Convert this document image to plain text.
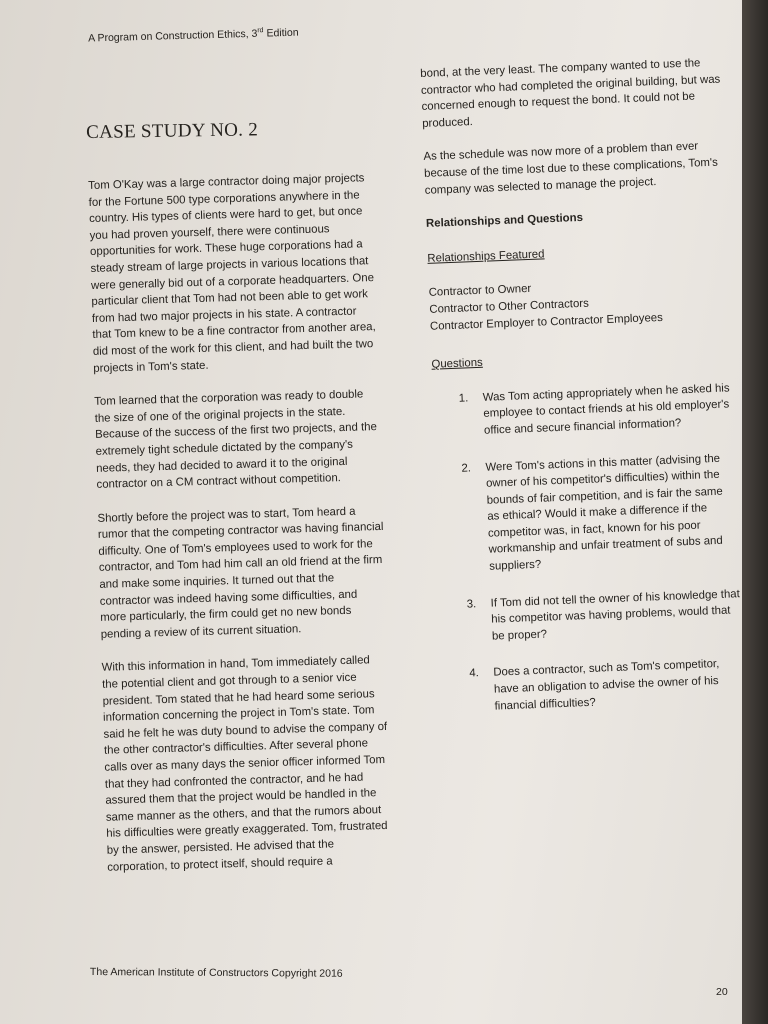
A Program on Construction Ethics, 3rd Edition
CASE STUDY NO. 2

Tom O'Kay was a large contractor doing major projects for the Fortune 500 type corporations anywhere in the country. His types of clients were hard to get, but once you had proven yourself, there were continuous opportunities for work. These huge corporations had a steady stream of large projects in various locations that were generally bid out of a corporate headquarters. One particular client that Tom had not been able to get work from had two major projects in his state. A contractor that Tom knew to be a fine contractor from another area, did most of the work for this client, and had built the two projects in Tom's state.

Tom learned that the corporation was ready to double the size of one of the original projects in the state. Because of the success of the first two projects, and the extremely tight schedule dictated by the company's needs, they had decided to award it to the original contractor on a CM contract without competition.

Shortly before the project was to start, Tom heard a rumor that the competing contractor was having financial difficulty. One of Tom's employees used to work for the contractor, and Tom had him call an old friend at the firm and make some inquiries. It turned out that the contractor was indeed having some difficulties, and more particularly, the firm could get no new bonds pending a review of its current situation.

With this information in hand, Tom immediately called the potential client and got through to a senior vice president. Tom stated that he had heard some serious information concerning the project in Tom's state. Tom said he felt he was duty bound to advise the company of the other contractor's difficulties. After several phone calls over as many days the senior officer informed Tom that they had confronted the contractor, and he had assured them that the project would be handled in the same manner as the others, and that the rumors about his difficulties were greatly exaggerated. Tom, frustrated by the answer, persisted. He advised that the corporation, to protect itself, should require a

bond, at the very least. The company wanted to use the contractor who had completed the original building, but was concerned enough to request the bond. It could not be produced.

As the schedule was now more of a problem than ever because of the time lost due to these complications, Tom's company was selected to manage the project.

Relationships and Questions
Relationships Featured
Contractor to Owner
Contractor to Other Contractors
Contractor Employer to Contractor Employees
Questions
1. Was Tom acting appropriately when he asked his employee to contact friends at his old employer's office and secure financial information?
2. Were Tom's actions in this matter (advising the owner of his competitor's difficulties) within the bounds of fair competition, and is fair the same as ethical? Would it make a difference if the competitor was, in fact, known for his poor workmanship and unfair treatment of subs and suppliers?
3. If Tom did not tell the owner of his knowledge that his competitor was having problems, would that be proper?
4. Does a contractor, such as Tom's competitor, have an obligation to advise the owner of his financial difficulties?
The American Institute of Constructors Copyright 2016
20
